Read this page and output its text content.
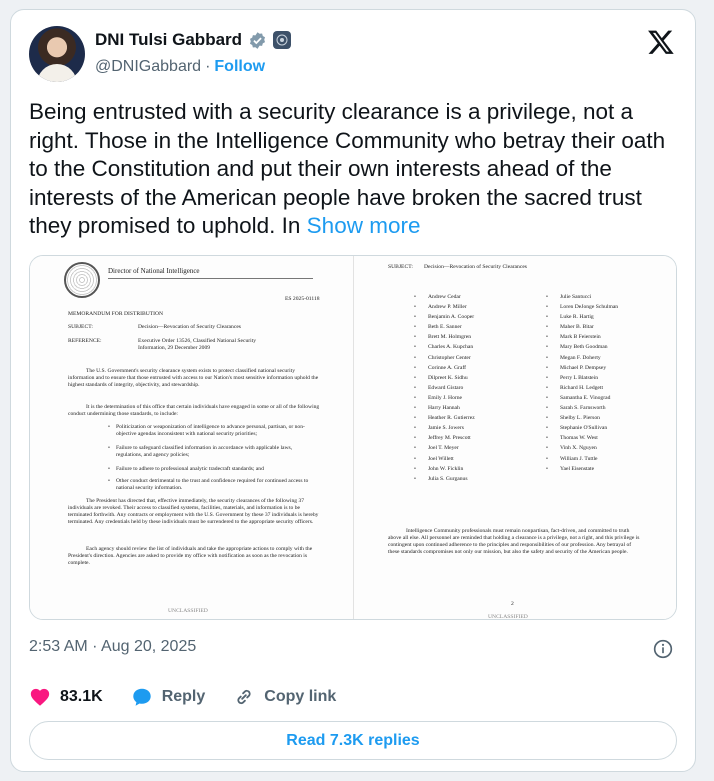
DNI Tulsi Gabbard
@DNIGabbard · Follow
Being entrusted with a security clearance is a privilege, not a right. Those in the Intelligence Community who betray their oath to the Constitution and put their own interests ahead of the interests of the American people have broken the sacred trust they promised to uphold. In Show more
Director of National Intelligence
ES 2025-01118
MEMORANDUM FOR DISTRIBUTION
SUBJECT:	Decision—Revocation of Security Clearances
REFERENCE:	Executive Order 13526, Classified National Security
Information, 29 December 2009
The U.S. Government's security clearance system exists to protect classified national security information and to ensure that those entrusted with access to our Nation's most sensitive information uphold the highest standards of integrity, objectivity, and stewardship.
It is the determination of this office that certain individuals have engaged in some or all of the following conduct undermining those standards, to include:
• Politicization or weaponization of intelligence to advance personal, partisan, or non-objective agendas inconsistent with national security priorities;
• Failure to safeguard classified information in accordance with applicable laws, regulations, and agency policies;
• Failure to adhere to professional analytic tradecraft standards; and
• Other conduct detrimental to the trust and confidence required for continued access to national security information.
The President has directed that, effective immediately, the security clearances of the following 37 individuals are revoked. Their access to classified systems, facilities, materials, and information is to be terminated forthwith. Any contracts or employment with the U.S. Government by these 37 individuals is hereby terminated. Any credentials held by these individuals must be surrendered to the appropriate security officers.
Each agency should review the list of individuals and take the appropriate actions to comply with the President's direction. Agencies are asked to provide my office with notification as soon as the revocation is complete.
UNCLASSIFIED
SUBJECT: Decision—Revocation of Security Clearances
• Andrew Cedar
• Andrew P. Miller
• Benjamin A. Cooper
• Beth E. Sanner
• Brett M. Holmgren
• Charles A. Kupchan
• Christopher Center
• Corinne A. Graff
• Dilpreet K. Sidhu
• Edward Gistaro
• Emily J. Horne
• Harry Hannah
• Heather R. Gutierrez
• Jamie S. Jowers
• Jeffrey M. Prescott
• Joel T. Meyer
• Joel Willett
• John W. Ficklin
• Julia S. Gurganus
• Julie Santucci
• Loren DeJonge Schulman
• Luke R. Hartig
• Maher B. Bitar
• Mark B Feierstein
• Mary Beth Goodman
• Megan F. Doherty
• Michael P. Dempsey
• Perry L Blatstein
• Richard H. Ledgett
• Samantha E. Vinograd
• Sarah S. Farnsworth
• Shelby L. Pierson
• Stephanie O'Sullivan
• Thomas W. West
• Vinh X. Nguyen
• William J. Tuttle
• Yael Eisenstate
Intelligence Community professionals must remain nonpartisan, fact-driven, and committed to truth above all else. All personnel are reminded that holding a clearance is a privilege, not a right, and this privilege is contingent upon continued adherence to the principles and responsibilities of our profession. Any betrayal of these standards compromises not only our mission, but also the safety and security of the American people.
2
UNCLASSIFIED
2:53 AM · Aug 20, 2025
83.1K	Reply	Copy link
Read 7.3K replies
